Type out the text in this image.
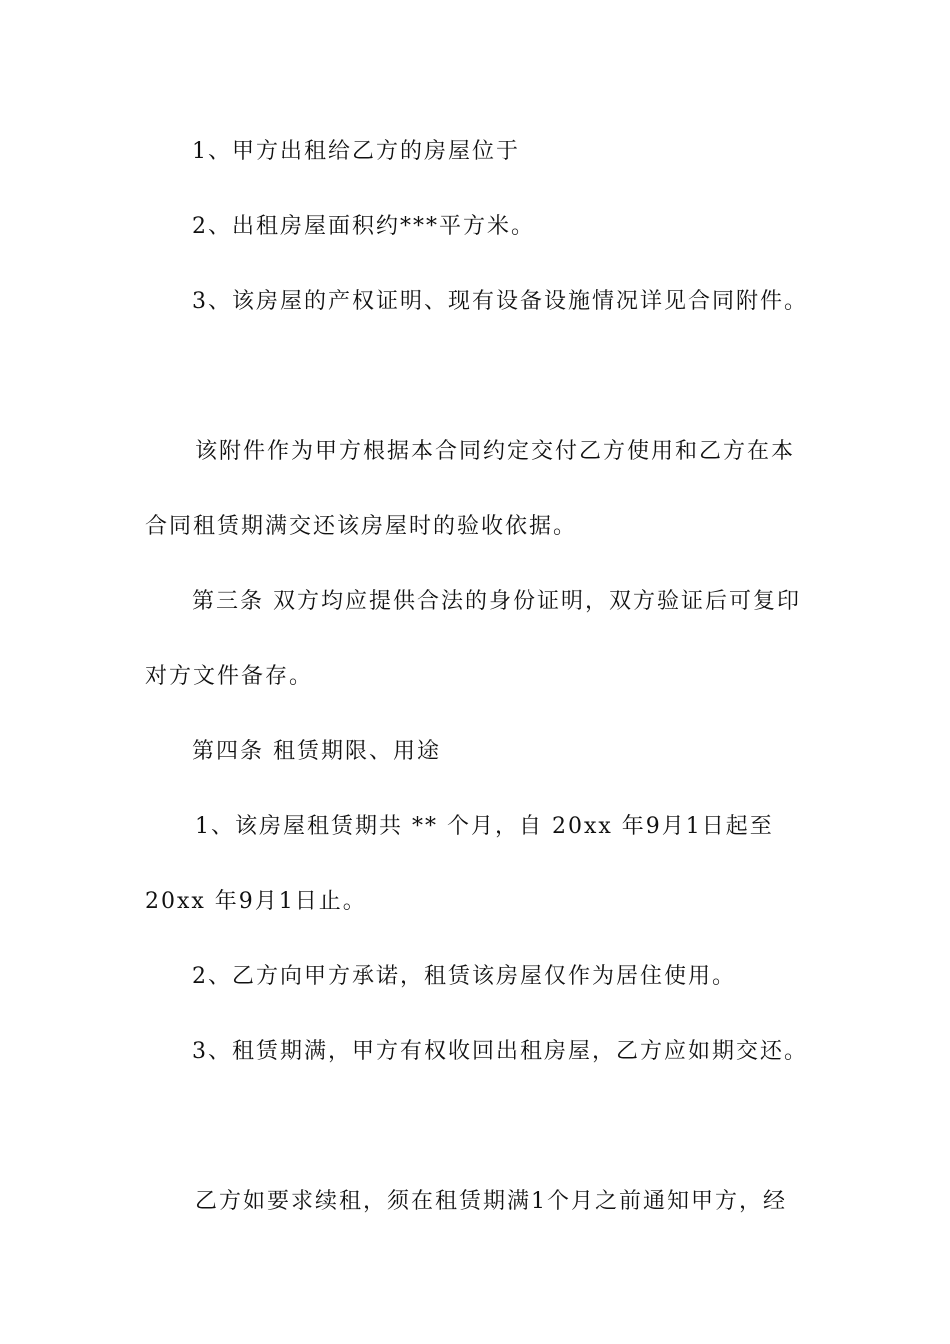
1、甲方出租给乙方的房屋位于
2、出租房屋面积约***平方米。
3、该房屋的产权证明、现有设备设施情况详见合同附件。
该附件作为甲方根据本合同约定交付乙方使用和乙方在本
合同租赁期满交还该房屋时的验收依据。
第三条 双方均应提供合法的身份证明，双方验证后可复印
对方文件备存。
第四条 租赁期限、用途
1、该房屋租赁期共 ** 个月，自 20xx 年9月1日起至
20xx 年9月1日止。
2、乙方向甲方承诺，租赁该房屋仅作为居住使用。
3、租赁期满，甲方有权收回出租房屋，乙方应如期交还。
乙方如要求续租，须在租赁期满1个月之前通知甲方，经
